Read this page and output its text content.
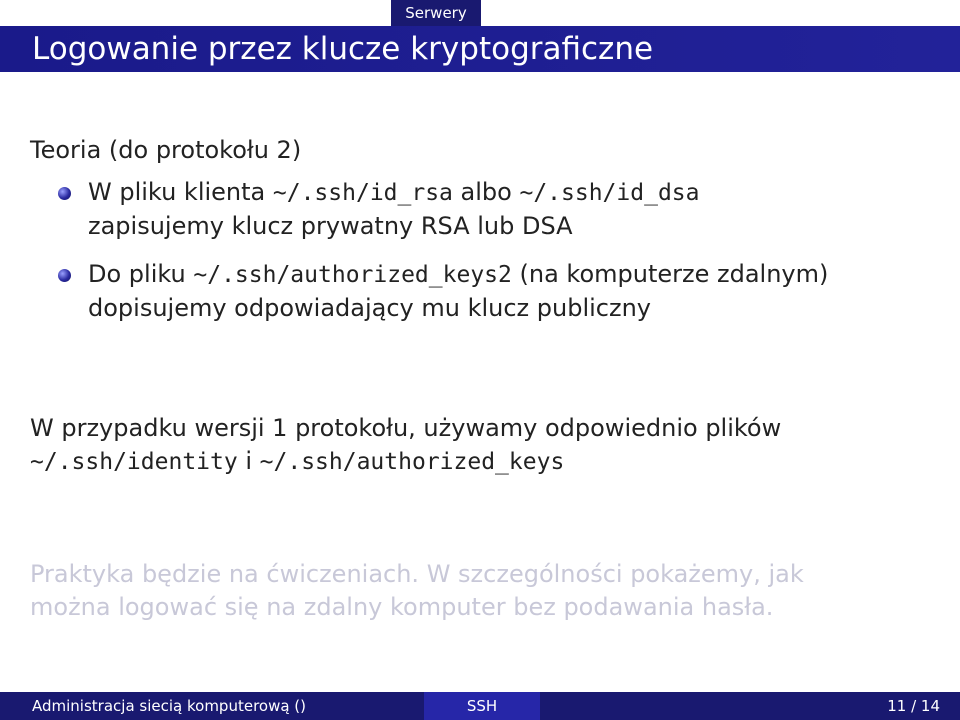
Serwery
Logowanie przez klucze kryptograficzne
Teoria (do protokołu 2)
W pliku klienta ~/.ssh/id_rsa albo ~/.ssh/id_dsa
zapisujemy klucz prywatny RSA lub DSA
Do pliku ~/.ssh/authorized_keys2 (na komputerze zdalnym)
dopisujemy odpowiadający mu klucz publiczny
W przypadku wersji 1 protokołu, używamy odpowiednio plików
~/.ssh/identity i ~/.ssh/authorized_keys
Praktyka będzie na ćwiczeniach. W szczególności pokażemy, jak
można logować się na zdalny komputer bez podawania hasła.
Administracja siecią komputerową ()	SSH	11 / 14
